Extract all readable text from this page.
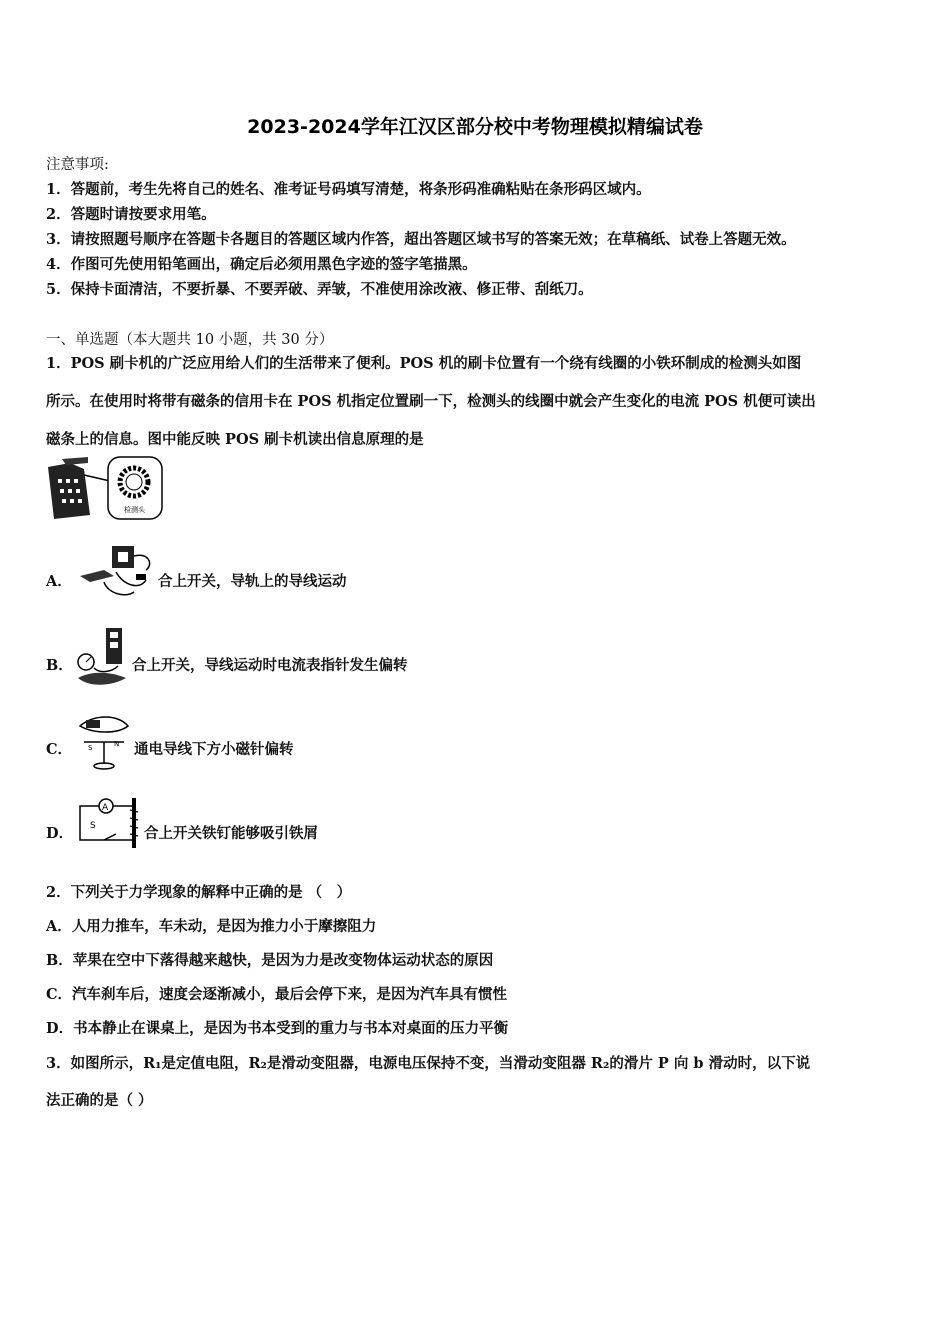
2023-2024学年江汉区部分校中考物理模拟精编试卷
注意事项:
1．答题前，考生先将自己的姓名、准考证号码填写清楚，将条形码准确粘贴在条形码区域内。
2．答题时请按要求用笔。
3．请按照题号顺序在答题卡各题目的答题区域内作答，超出答题区域书写的答案无效；在草稿纸、试卷上答题无效。
4．作图可先使用铅笔画出，确定后必须用黑色字迹的签字笔描黑。
5．保持卡面清洁，不要折暴、不要弄破、弄皱，不准使用涂改液、修正带、刮纸刀。
一、单选题（本大题共 10 小题，共 30 分）
1．POS 刷卡机的广泛应用给人们的生活带来了便利。POS 机的刷卡位置有一个绕有线圈的小铁环制成的检测头如图
所示。在使用时将带有磁条的信用卡在 POS 机指定位置刷一下，检测头的线圈中就会产生变化的电流 POS 机便可读出
磁条上的信息。图中能反映 POS 刷卡机读出信息原理的是
检测头
A．	合上开关，导轨上的导线运动
B．	合上开关，导线运动时电流表指针发生偏转
C． S	N 通电导线下方小磁针偏转
D．
A
S	合上开关铁钉能够吸引铁屑
2．下列关于力学现象的解释中正确的是 （　）
A．人用力推车，车未动，是因为推力小于摩擦阻力
B．苹果在空中下落得越来越快，是因为力是改变物体运动状态的原因
C．汽车刹车后，速度会逐渐减小，最后会停下来，是因为汽车具有惯性
D．书本静止在课桌上，是因为书本受到的重力与书本对桌面的压力平衡
3．如图所示，R₁是定值电阻，R₂是滑动变阻器，电源电压保持不变，当滑动变阻器 R₂的滑片 P 向 b 滑动时，以下说
法正确的是（ ）
